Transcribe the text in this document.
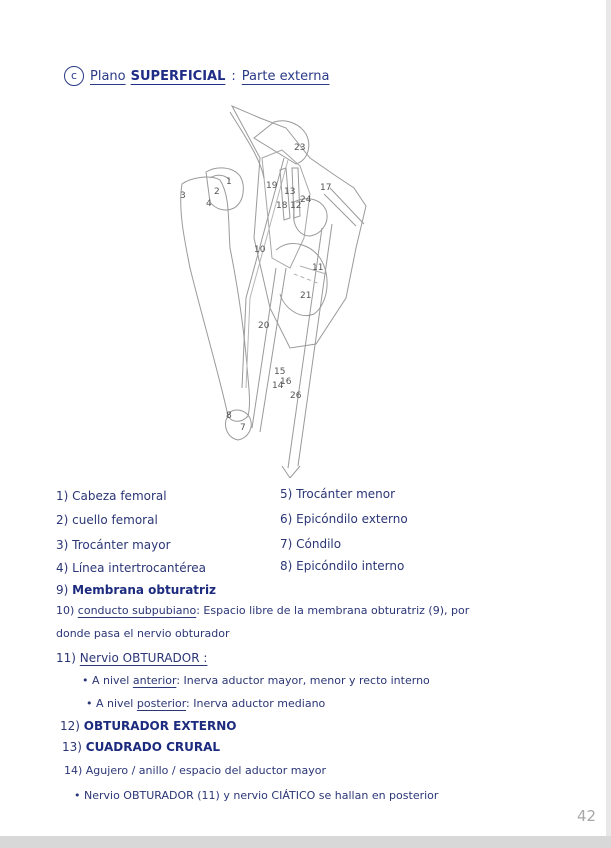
c Plano SUPERFICIAL : Parte externa
1
2
3
4
7
8
10
11
12
13
14
15
16
17
18
19
20
21
23
24
26
1) Cabeza femoral
2) cuello femoral
3) Trocánter mayor
4) Línea intertrocantérea
5) Trocánter menor
6) Epicóndilo externo
7) Cóndilo
8) Epicóndilo interno
9) Membrana obturatriz
10) conducto subpubiano: Espacio libre de la membrana obturatriz (9), por
donde pasa el nervio obturador
11) Nervio OBTURADOR :
• A nivel anterior: Inerva aductor mayor, menor y recto interno
• A nivel posterior: Inerva aductor mediano
12) OBTURADOR EXTERNO
13) CUADRADO CRURAL
14) Agujero / anillo / espacio del aductor mayor
• Nervio OBTURADOR (11) y nervio CIÁTICO se hallan en posterior
42
